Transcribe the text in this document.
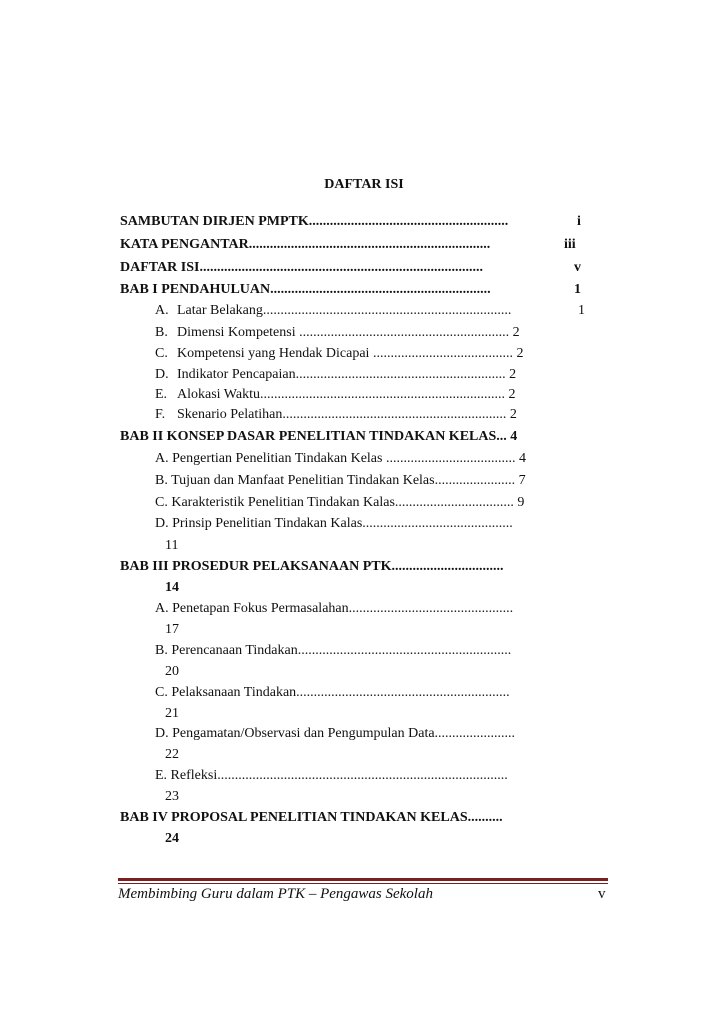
DAFTAR ISI
SAMBUTAN DIRJEN PMPTK.........................................................	i
KATA PENGANTAR.....................................................................	iii
DAFTAR ISI.................................................................................	v
BAB I PENDAHULUAN...............................................................	1
A. Latar Belakang.......................................................................	1
B. Dimensi Kompetensi ............................................................ 2
C. Kompetensi yang Hendak Dicapai ........................................ 2
D. Indikator Pencapaian............................................................ 2
E. Alokasi Waktu...................................................................... 2
F. Skenario Pelatihan................................................................ 2
BAB II KONSEP DASAR PENELITIAN TINDAKAN KELAS... 4
A. Pengertian Penelitian Tindakan Kelas ..................................... 4
B. Tujuan dan Manfaat Penelitian Tindakan Kelas....................... 7
C. Karakteristik Penelitian Tindakan Kalas.................................. 9
D. Prinsip Penelitian Tindakan Kalas...........................................
11
BAB III PROSEDUR PELAKSANAAN PTK................................
14
A. Penetapan Fokus Permasalahan...............................................
17
B. Perencanaan Tindakan.............................................................
20
C. Pelaksanaan Tindakan.............................................................
21
D. Pengamatan/Observasi dan Pengumpulan Data.......................
22
E. Refleksi...................................................................................
23
BAB IV PROPOSAL PENELITIAN TINDAKAN KELAS..........
24
Membimbing Guru dalam PTK – Pengawas Sekolah	v
